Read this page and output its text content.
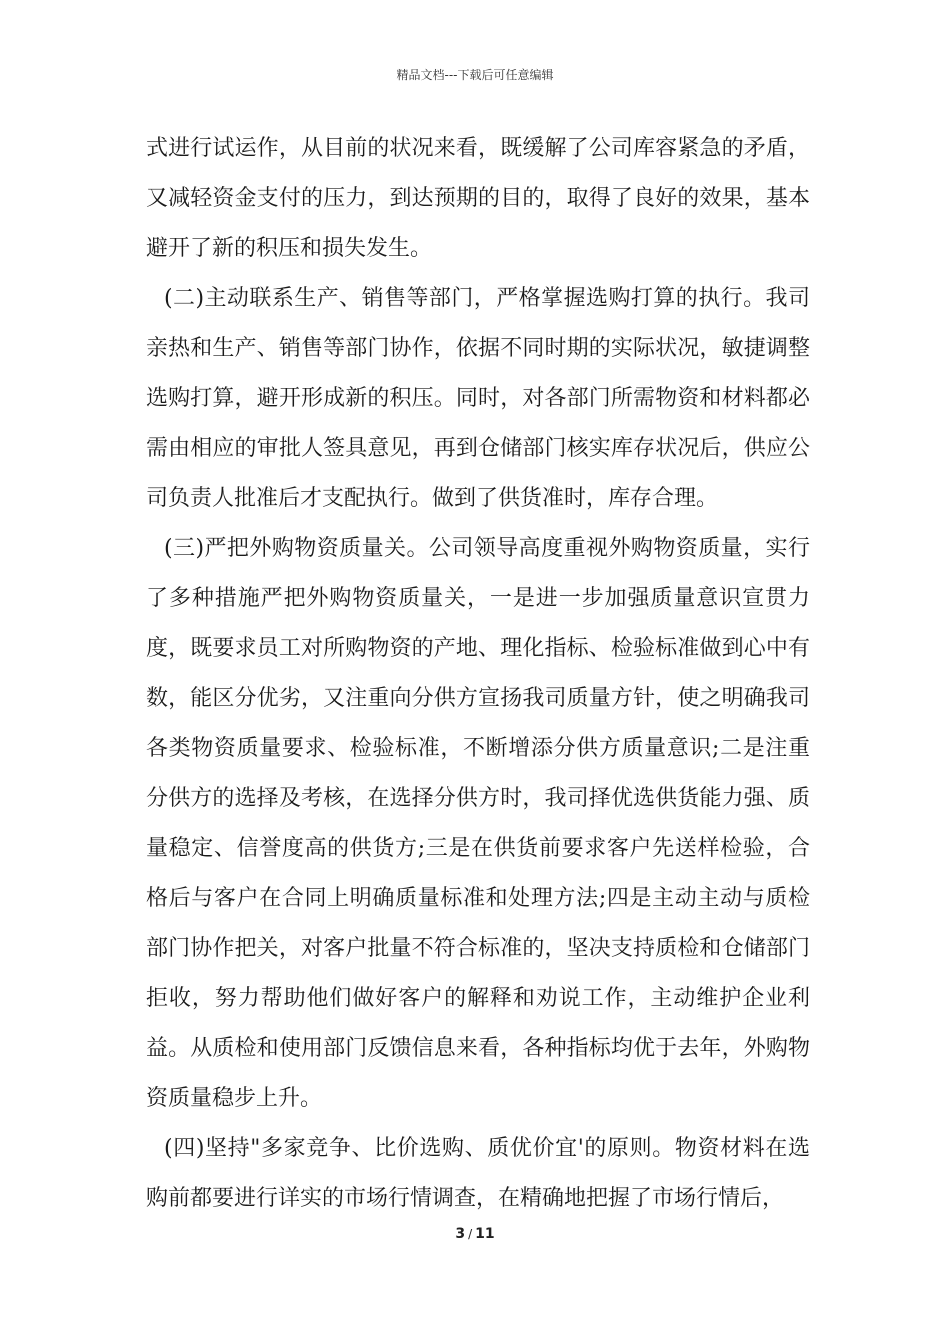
精品文档---下载后可任意编辑

式进行试运作，从目前的状况来看，既缓解了公司库容紧急的矛盾，又减轻资金支付的压力，到达预期的目的，取得了良好的效果，基本避开了新的积压和损失发生。

(二)主动联系生产、销售等部门，严格掌握选购打算的执行。我司亲热和生产、销售等部门协作，依据不同时期的实际状况，敏捷调整选购打算，避开形成新的积压。同时，对各部门所需物资和材料都必需由相应的审批人签具意见，再到仓储部门核实库存状况后，供应公司负责人批准后才支配执行。做到了供货准时，库存合理。

(三)严把外购物资质量关。公司领导高度重视外购物资质量，实行了多种措施严把外购物资质量关，一是进一步加强质量意识宣贯力度，既要求员工对所购物资的产地、理化指标、检验标准做到心中有数，能区分优劣，又注重向分供方宣扬我司质量方针，使之明确我司各类物资质量要求、检验标准，不断增添分供方质量意识;二是注重分供方的选择及考核，在选择分供方时，我司择优选供货能力强、质量稳定、信誉度高的供货方;三是在供货前要求客户先送样检验，合格后与客户在合同上明确质量标准和处理方法;四是主动主动与质检部门协作把关，对客户批量不符合标准的，坚决支持质检和仓储部门拒收，努力帮助他们做好客户的解释和劝说工作，主动维护企业利益。从质检和使用部门反馈信息来看，各种指标均优于去年，外购物资质量稳步上升。

(四)坚持"多家竞争、比价选购、质优价宜'的原则。物资材料在选购前都要进行详实的市场行情调查，在精确地把握了市场行情后，

3 / 11
